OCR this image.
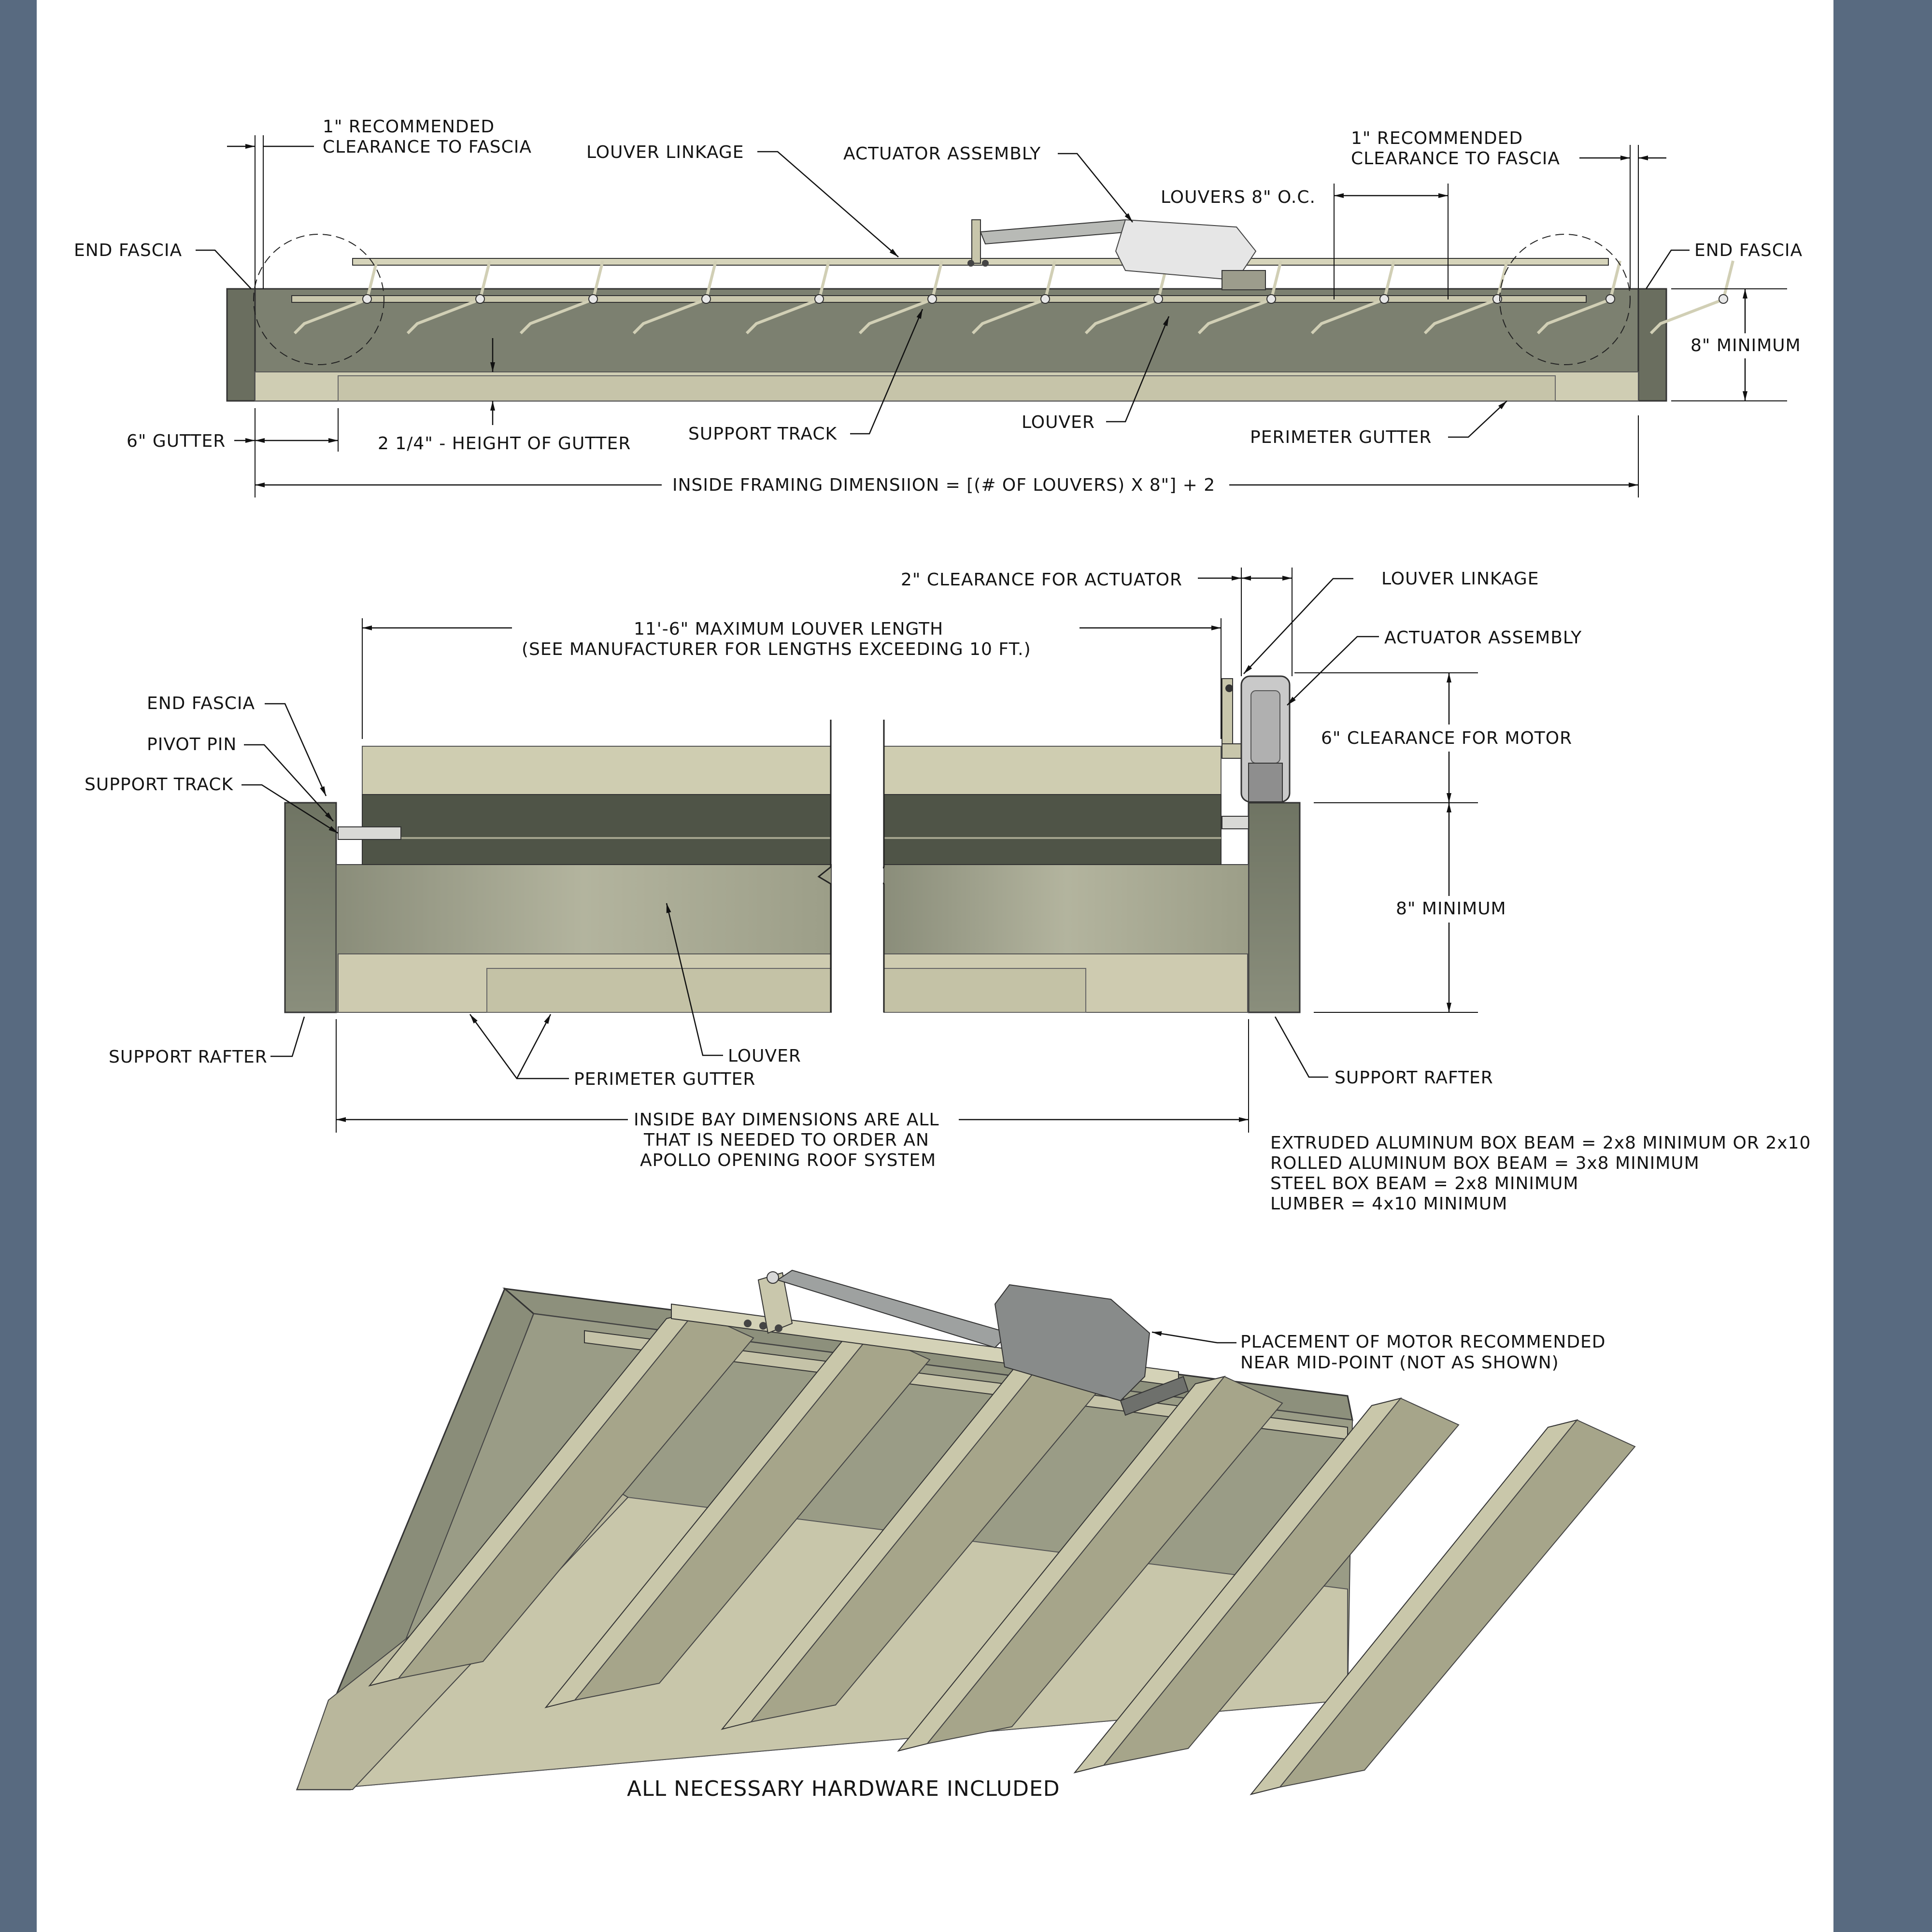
1" RECOMMENDED
CLEARANCE TO FASCIA	LOUVER LINKAGE	ACTUATOR ASSEMBLY
LOUVERS 8" O.C.
1" RECOMMENDED
CLEARANCE TO FASCIA
END FASCIA	END FASCIA
8" MINIMUM
6" GUTTER	2 1/4" - HEIGHT OF GUTTER	SUPPORT TRACK
LOUVER
PERIMETER GUTTER
INSIDE FRAMING DIMENSIION = [(# OF LOUVERS) X 8"] + 2
11'-6" MAXIMUM LOUVER LENGTH
(SEE MANUFACTURER FOR LENGTHS EXCEEDING 10 FT.)
2" CLEARANCE FOR ACTUATOR	LOUVER LINKAGE
ACTUATOR ASSEMBLY
END FASCIA
PIVOT PIN
SUPPORT TRACK
6" CLEARANCE FOR MOTOR
8" MINIMUM
SUPPORT RAFTER
SUPPORT RAFTER
LOUVER
PERIMETER GUTTER
INSIDE BAY DIMENSIONS ARE ALL
THAT IS NEEDED TO ORDER AN
APOLLO OPENING ROOF SYSTEM
EXTRUDED ALUMINUM BOX BEAM = 2x8 MINIMUM OR 2x10
ROLLED ALUMINUM BOX BEAM = 3x8 MINIMUM
STEEL BOX BEAM = 2x8 MINIMUM
LUMBER = 4x10 MINIMUM
PLACEMENT OF MOTOR RECOMMENDED
NEAR MID-POINT (NOT AS SHOWN)
ALL NECESSARY HARDWARE INCLUDED
